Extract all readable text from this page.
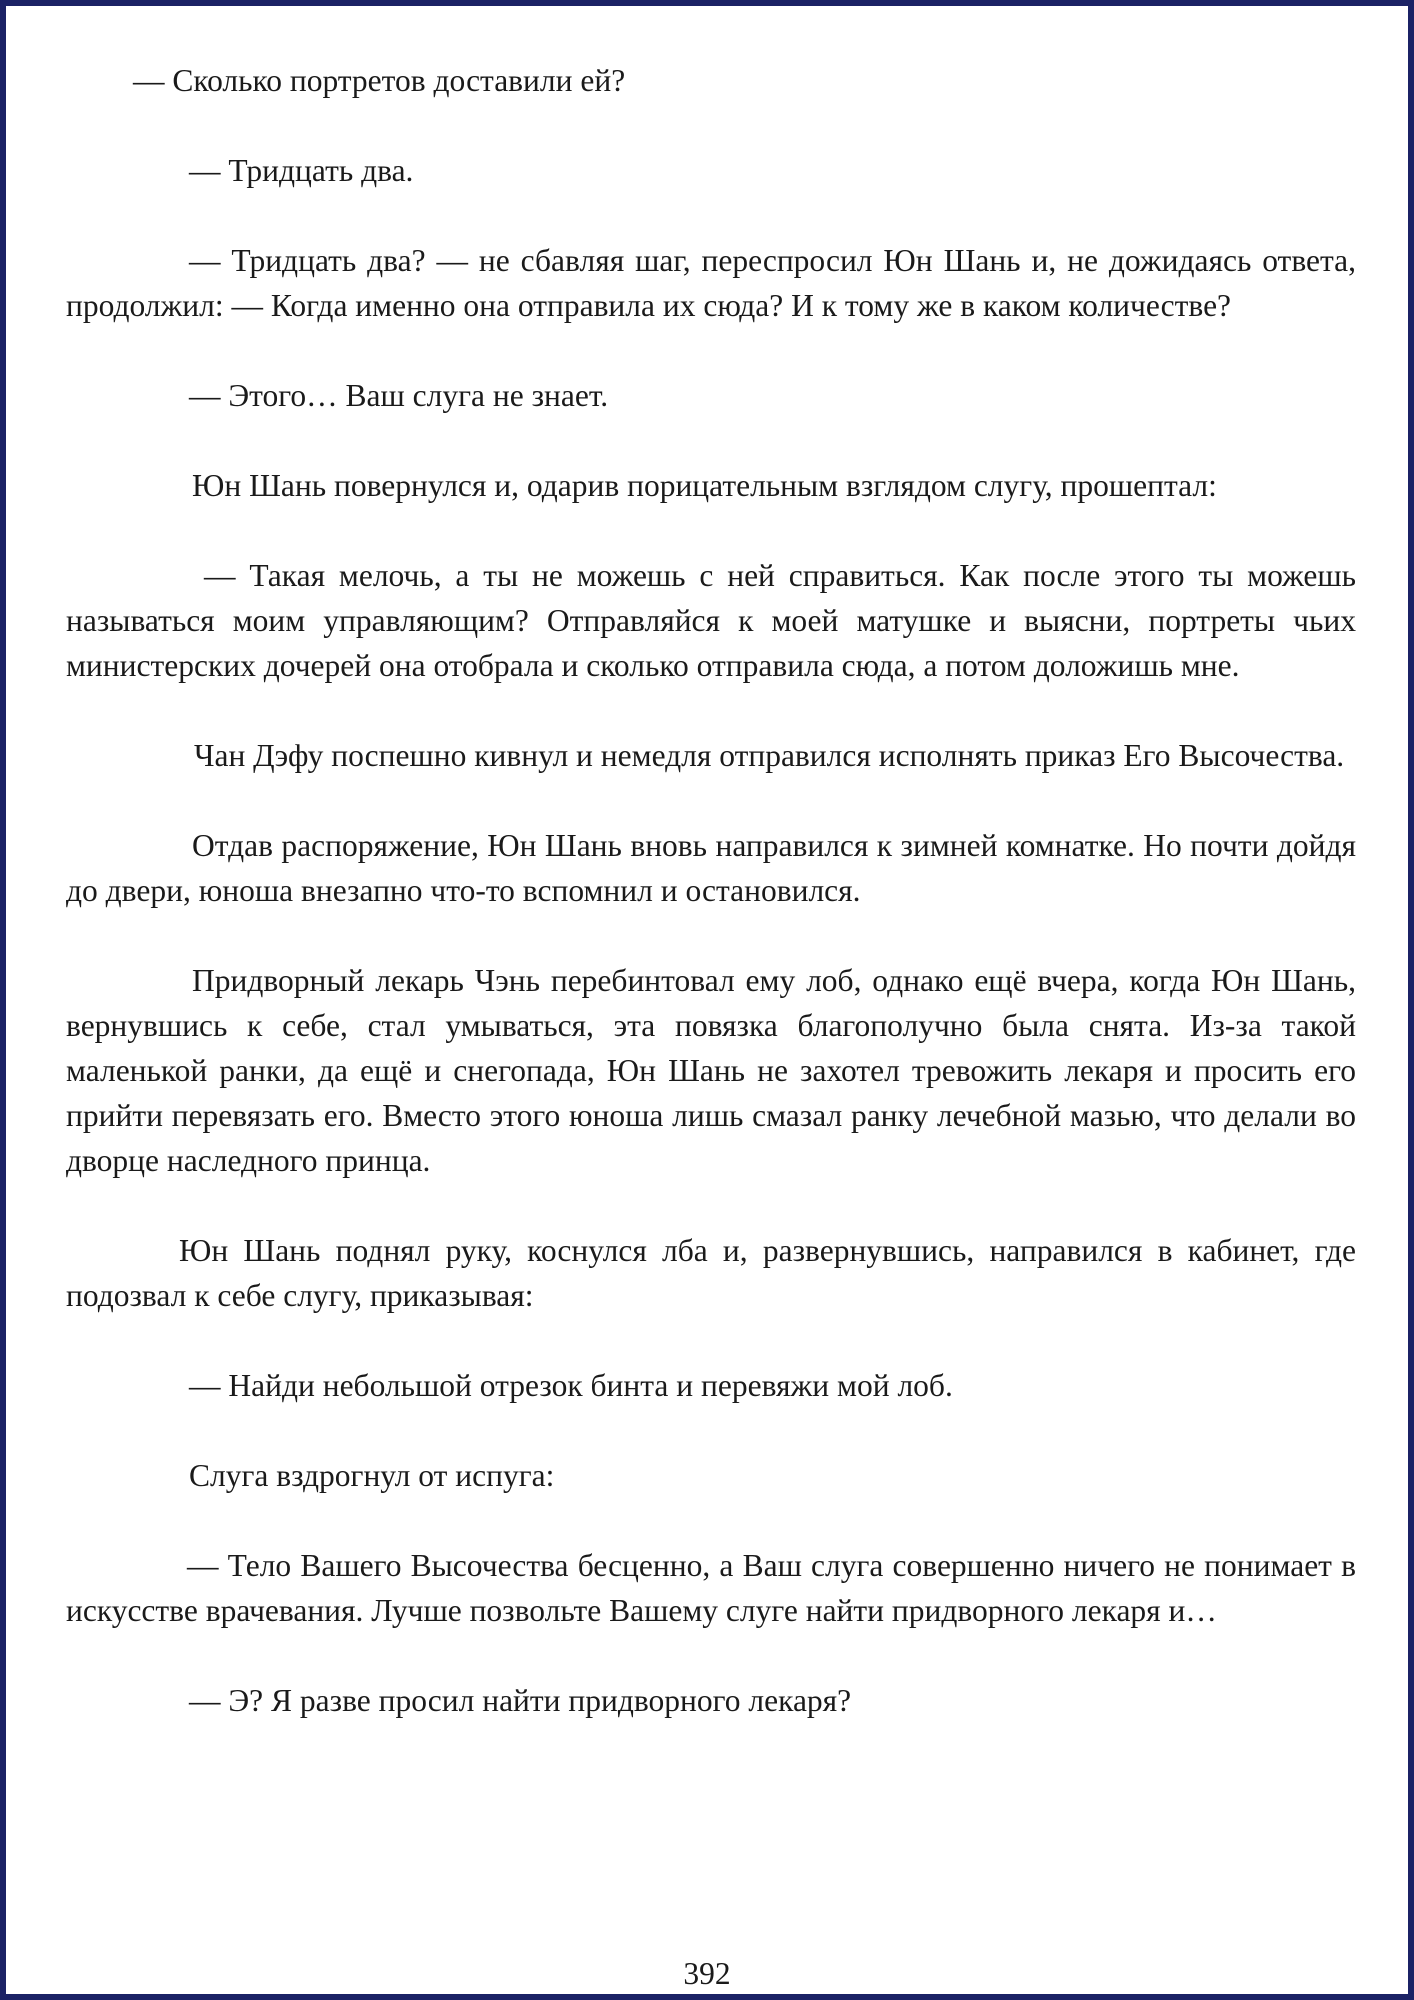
— Сколько портретов доставили ей?

— Тридцать два.

— Тридцать два? — не сбавляя шаг, переспросил Юн Шань и, не дожидаясь ответа, продолжил: — Когда именно она отправила их сюда? И к тому же в каком количестве?

— Этого… Ваш слуга не знает.

Юн Шань повернулся и, одарив порицательным взглядом слугу, прошептал:

— Такая мелочь, а ты не можешь с ней справиться. Как после этого ты можешь называться моим управляющим? Отправляйся к моей матушке и выясни, портреты чьих министерских дочерей она отобрала и сколько отправила сюда, а потом доложишь мне.

Чан Дэфу поспешно кивнул и немедля отправился исполнять приказ Его Высочества.

Отдав распоряжение, Юн Шань вновь направился к зимней комнатке. Но почти дойдя до двери, юноша внезапно что-то вспомнил и остановился.

Придворный лекарь Чэнь перебинтовал ему лоб, однако ещё вчера, когда Юн Шань, вернувшись к себе, стал умываться, эта повязка благополучно была снята. Из-за такой маленькой ранки, да ещё и снегопада, Юн Шань не захотел тревожить лекаря и просить его прийти перевязать его. Вместо этого юноша лишь смазал ранку лечебной мазью, что делали во дворце наследного принца.

Юн Шань поднял руку, коснулся лба и, развернувшись, направился в кабинет, где подозвал к себе слугу, приказывая:

— Найди небольшой отрезок бинта и перевяжи мой лоб.

Слуга вздрогнул от испуга:

— Тело Вашего Высочества бесценно, а Ваш слуга совершенно ничего не понимает в искусстве врачевания. Лучше позвольте Вашему слуге найти придворного лекаря и…

— Э? Я разве просил найти придворного лекаря?

392
